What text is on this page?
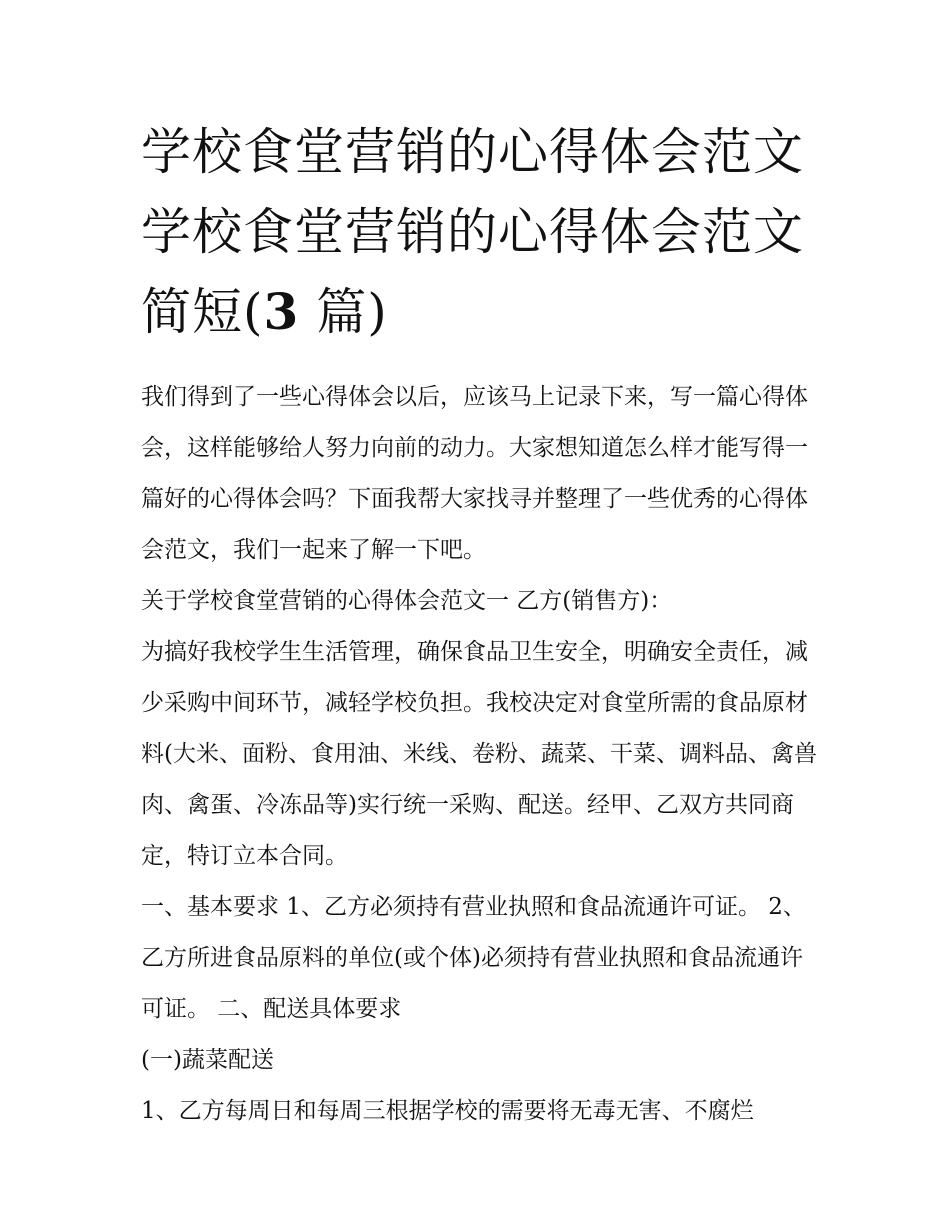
学校食堂营销的心得体会范文
学校食堂营销的心得体会范文
简短(3 篇)

我们得到了一些心得体会以后，应该马上记录下来，写一篇心得体会，这样能够给人努力向前的动力。大家想知道怎么样才能写得一篇好的心得体会吗？下面我帮大家找寻并整理了一些优秀的心得体会范文，我们一起来了解一下吧。

关于学校食堂营销的心得体会范文一 乙方(销售方)：

为搞好我校学生生活管理，确保食品卫生安全，明确安全责任，减少采购中间环节，减轻学校负担。我校决定对食堂所需的食品原材料(大米、面粉、食用油、米线、卷粉、蔬菜、干菜、调料品、禽兽肉、禽蛋、冷冻品等)实行统一采购、配送。经甲、乙双方共同商定，特订立本合同。

一、基本要求 1、乙方必须持有营业执照和食品流通许可证。 2、乙方所进食品原料的单位(或个体)必须持有营业执照和食品流通许可证。 二、配送具体要求

(一)蔬菜配送

1、乙方每周日和每周三根据学校的需要将无毒无害、不腐烂
